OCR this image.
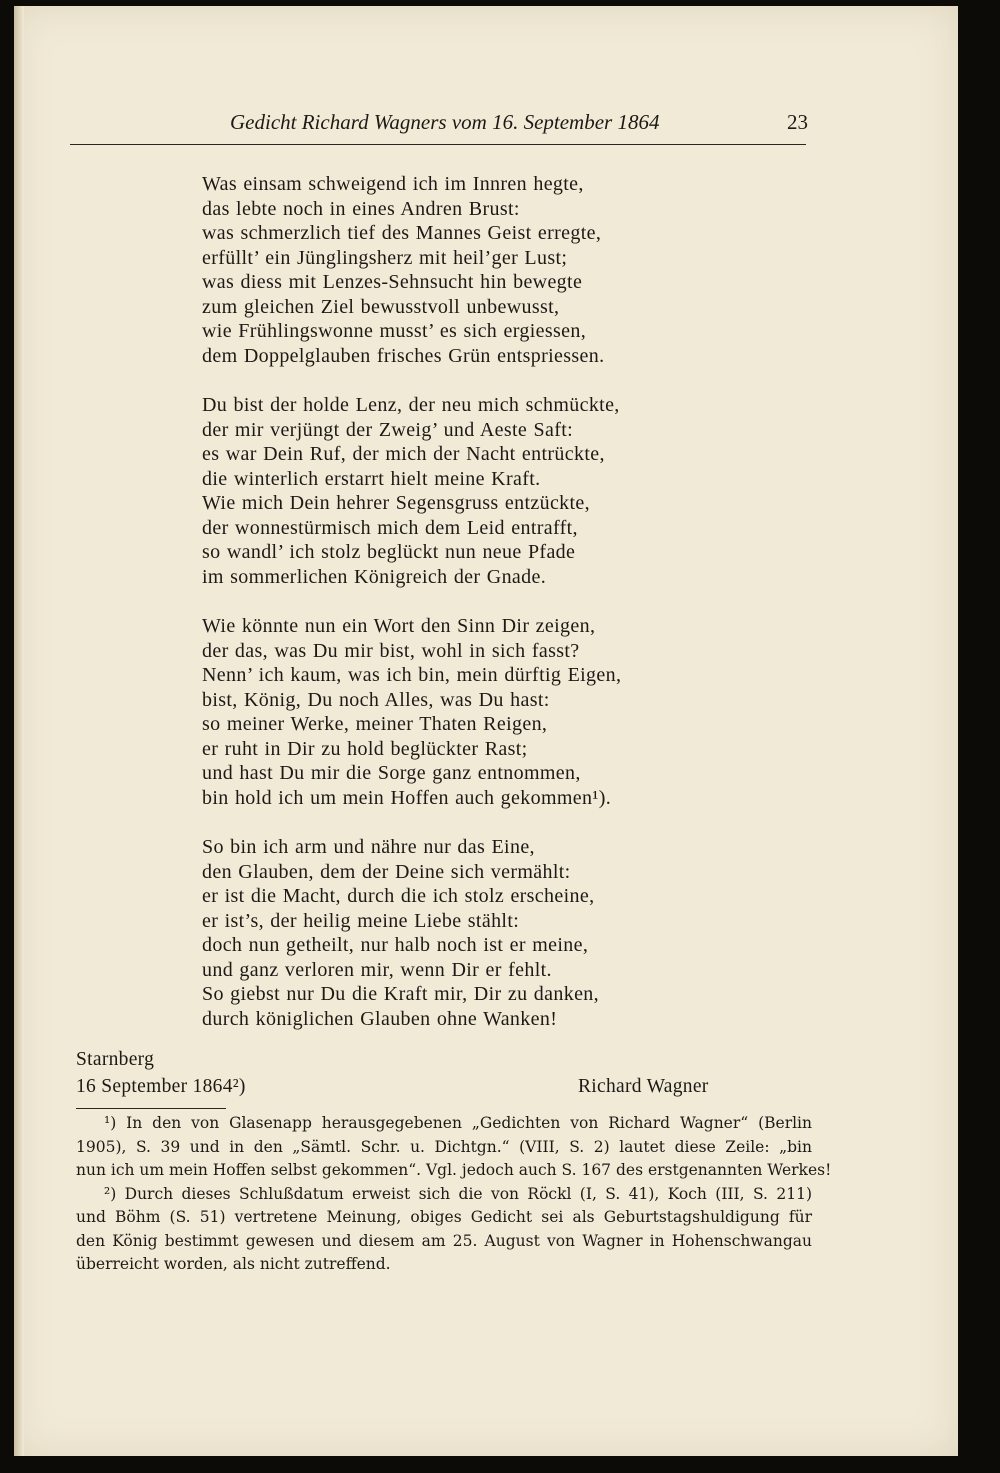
Gedicht Richard Wagners vom 16. September 1864	23
Was einsam schweigend ich im Innren hegte,
das lebte noch in eines Andren Brust:
was schmerzlich tief des Mannes Geist erregte,
erfüllt’ ein Jünglingsherz mit heil’ger Lust;
was diess mit Lenzes-Sehnsucht hin bewegte
zum gleichen Ziel bewusstvoll unbewusst,
wie Frühlingswonne musst’ es sich ergiessen,
dem Doppelglauben frisches Grün entspriessen.
Du bist der holde Lenz, der neu mich schmückte,
der mir verjüngt der Zweig’ und Aeste Saft:
es war Dein Ruf, der mich der Nacht entrückte,
die winterlich erstarrt hielt meine Kraft.
Wie mich Dein hehrer Segensgruss entzückte,
der wonnestürmisch mich dem Leid entrafft,
so wandl’ ich stolz beglückt nun neue Pfade
im sommerlichen Königreich der Gnade.
Wie könnte nun ein Wort den Sinn Dir zeigen,
der das, was Du mir bist, wohl in sich fasst?
Nenn’ ich kaum, was ich bin, mein dürftig Eigen,
bist, König, Du noch Alles, was Du hast:
so meiner Werke, meiner Thaten Reigen,
er ruht in Dir zu hold beglückter Rast;
und hast Du mir die Sorge ganz entnommen,
bin hold ich um mein Hoffen auch gekommen¹).
So bin ich arm und nähre nur das Eine,
den Glauben, dem der Deine sich vermählt:
er ist die Macht, durch die ich stolz erscheine,
er ist’s, der heilig meine Liebe stählt:
doch nun getheilt, nur halb noch ist er meine,
und ganz verloren mir, wenn Dir er fehlt.
So giebst nur Du die Kraft mir, Dir zu danken,
durch königlichen Glauben ohne Wanken!
Starnberg
16 September 1864²)	Richard Wagner
¹) In den von Glasenapp herausgegebenen „Gedichten von Richard Wagner“ (Berlin
1905), S. 39 und in den „Sämtl. Schr. u. Dichtgn.“ (VIII, S. 2) lautet diese Zeile: „bin
nun ich um mein Hoffen selbst gekommen“. Vgl. jedoch auch S. 167 des erstgenannten Werkes!
²) Durch dieses Schlußdatum erweist sich die von Röckl (I, S. 41), Koch (III, S. 211)
und Böhm (S. 51) vertretene Meinung, obiges Gedicht sei als Geburtstagshuldigung für
den König bestimmt gewesen und diesem am 25. August von Wagner in Hohenschwangau
überreicht worden, als nicht zutreffend.
